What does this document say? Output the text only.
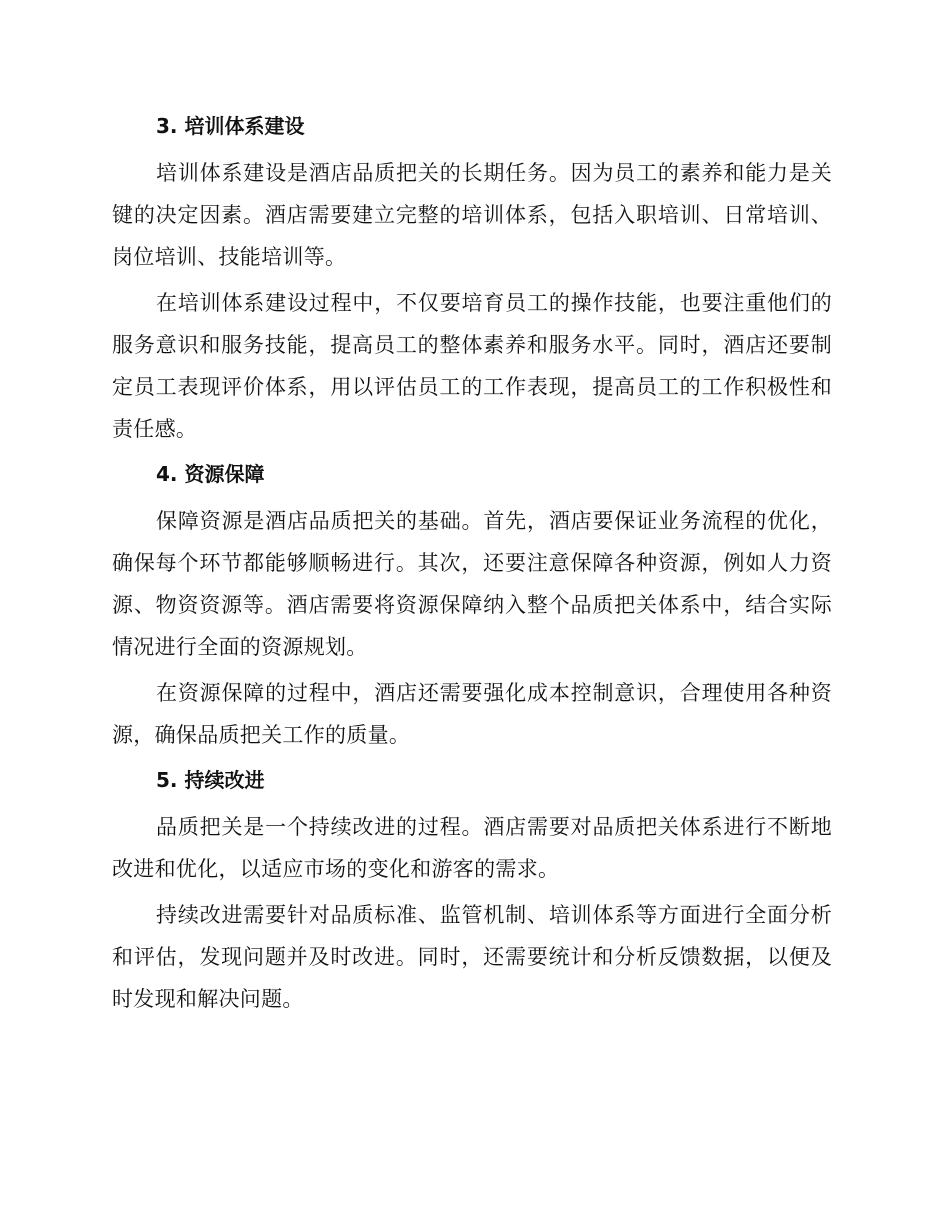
3. 培训体系建设

培训体系建设是酒店品质把关的长期任务。因为员工的素养和能力是关键的决定因素。酒店需要建立完整的培训体系，包括入职培训、日常培训、岗位培训、技能培训等。

在培训体系建设过程中，不仅要培育员工的操作技能，也要注重他们的服务意识和服务技能，提高员工的整体素养和服务水平。同时，酒店还要制定员工表现评价体系，用以评估员工的工作表现，提高员工的工作积极性和责任感。

4. 资源保障

保障资源是酒店品质把关的基础。首先，酒店要保证业务流程的优化，确保每个环节都能够顺畅进行。其次，还要注意保障各种资源，例如人力资源、物资资源等。酒店需要将资源保障纳入整个品质把关体系中，结合实际情况进行全面的资源规划。

在资源保障的过程中，酒店还需要强化成本控制意识，合理使用各种资源，确保品质把关工作的质量。

5. 持续改进

品质把关是一个持续改进的过程。酒店需要对品质把关体系进行不断地改进和优化，以适应市场的变化和游客的需求。

持续改进需要针对品质标准、监管机制、培训体系等方面进行全面分析和评估，发现问题并及时改进。同时，还需要统计和分析反馈数据，以便及时发现和解决问题。
